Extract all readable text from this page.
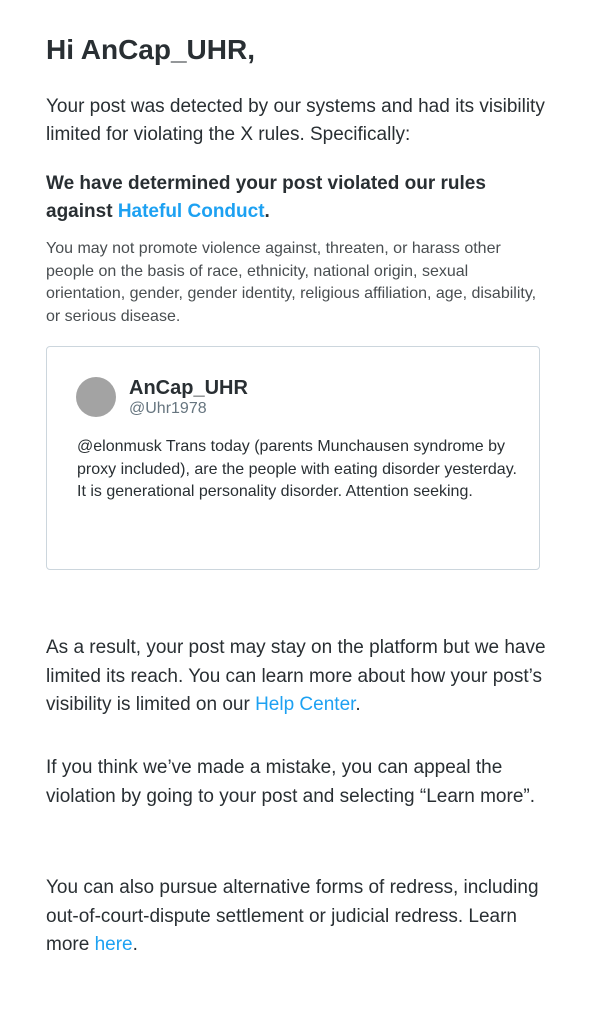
Hi AnCap_UHR,

Your post was detected by our systems and had its visibility limited for violating the X rules. Specifically:

We have determined your post violated our rules against Hateful Conduct.

You may not promote violence against, threaten, or harass other people on the basis of race, ethnicity, national origin, sexual orientation, gender, gender identity, religious affiliation, age, disability, or serious disease.

AnCap_UHR
@Uhr1978

@elonmusk Trans today (parents Munchausen syndrome by proxy included), are the people with eating disorder yesterday. It is generational personality disorder. Attention seeking.

As a result, your post may stay on the platform but we have limited its reach. You can learn more about how your post’s visibility is limited on our Help Center.

If you think we’ve made a mistake, you can appeal the violation by going to your post and selecting “Learn more”.

You can also pursue alternative forms of redress, including out-of-court-dispute settlement or judicial redress. Learn more here.
